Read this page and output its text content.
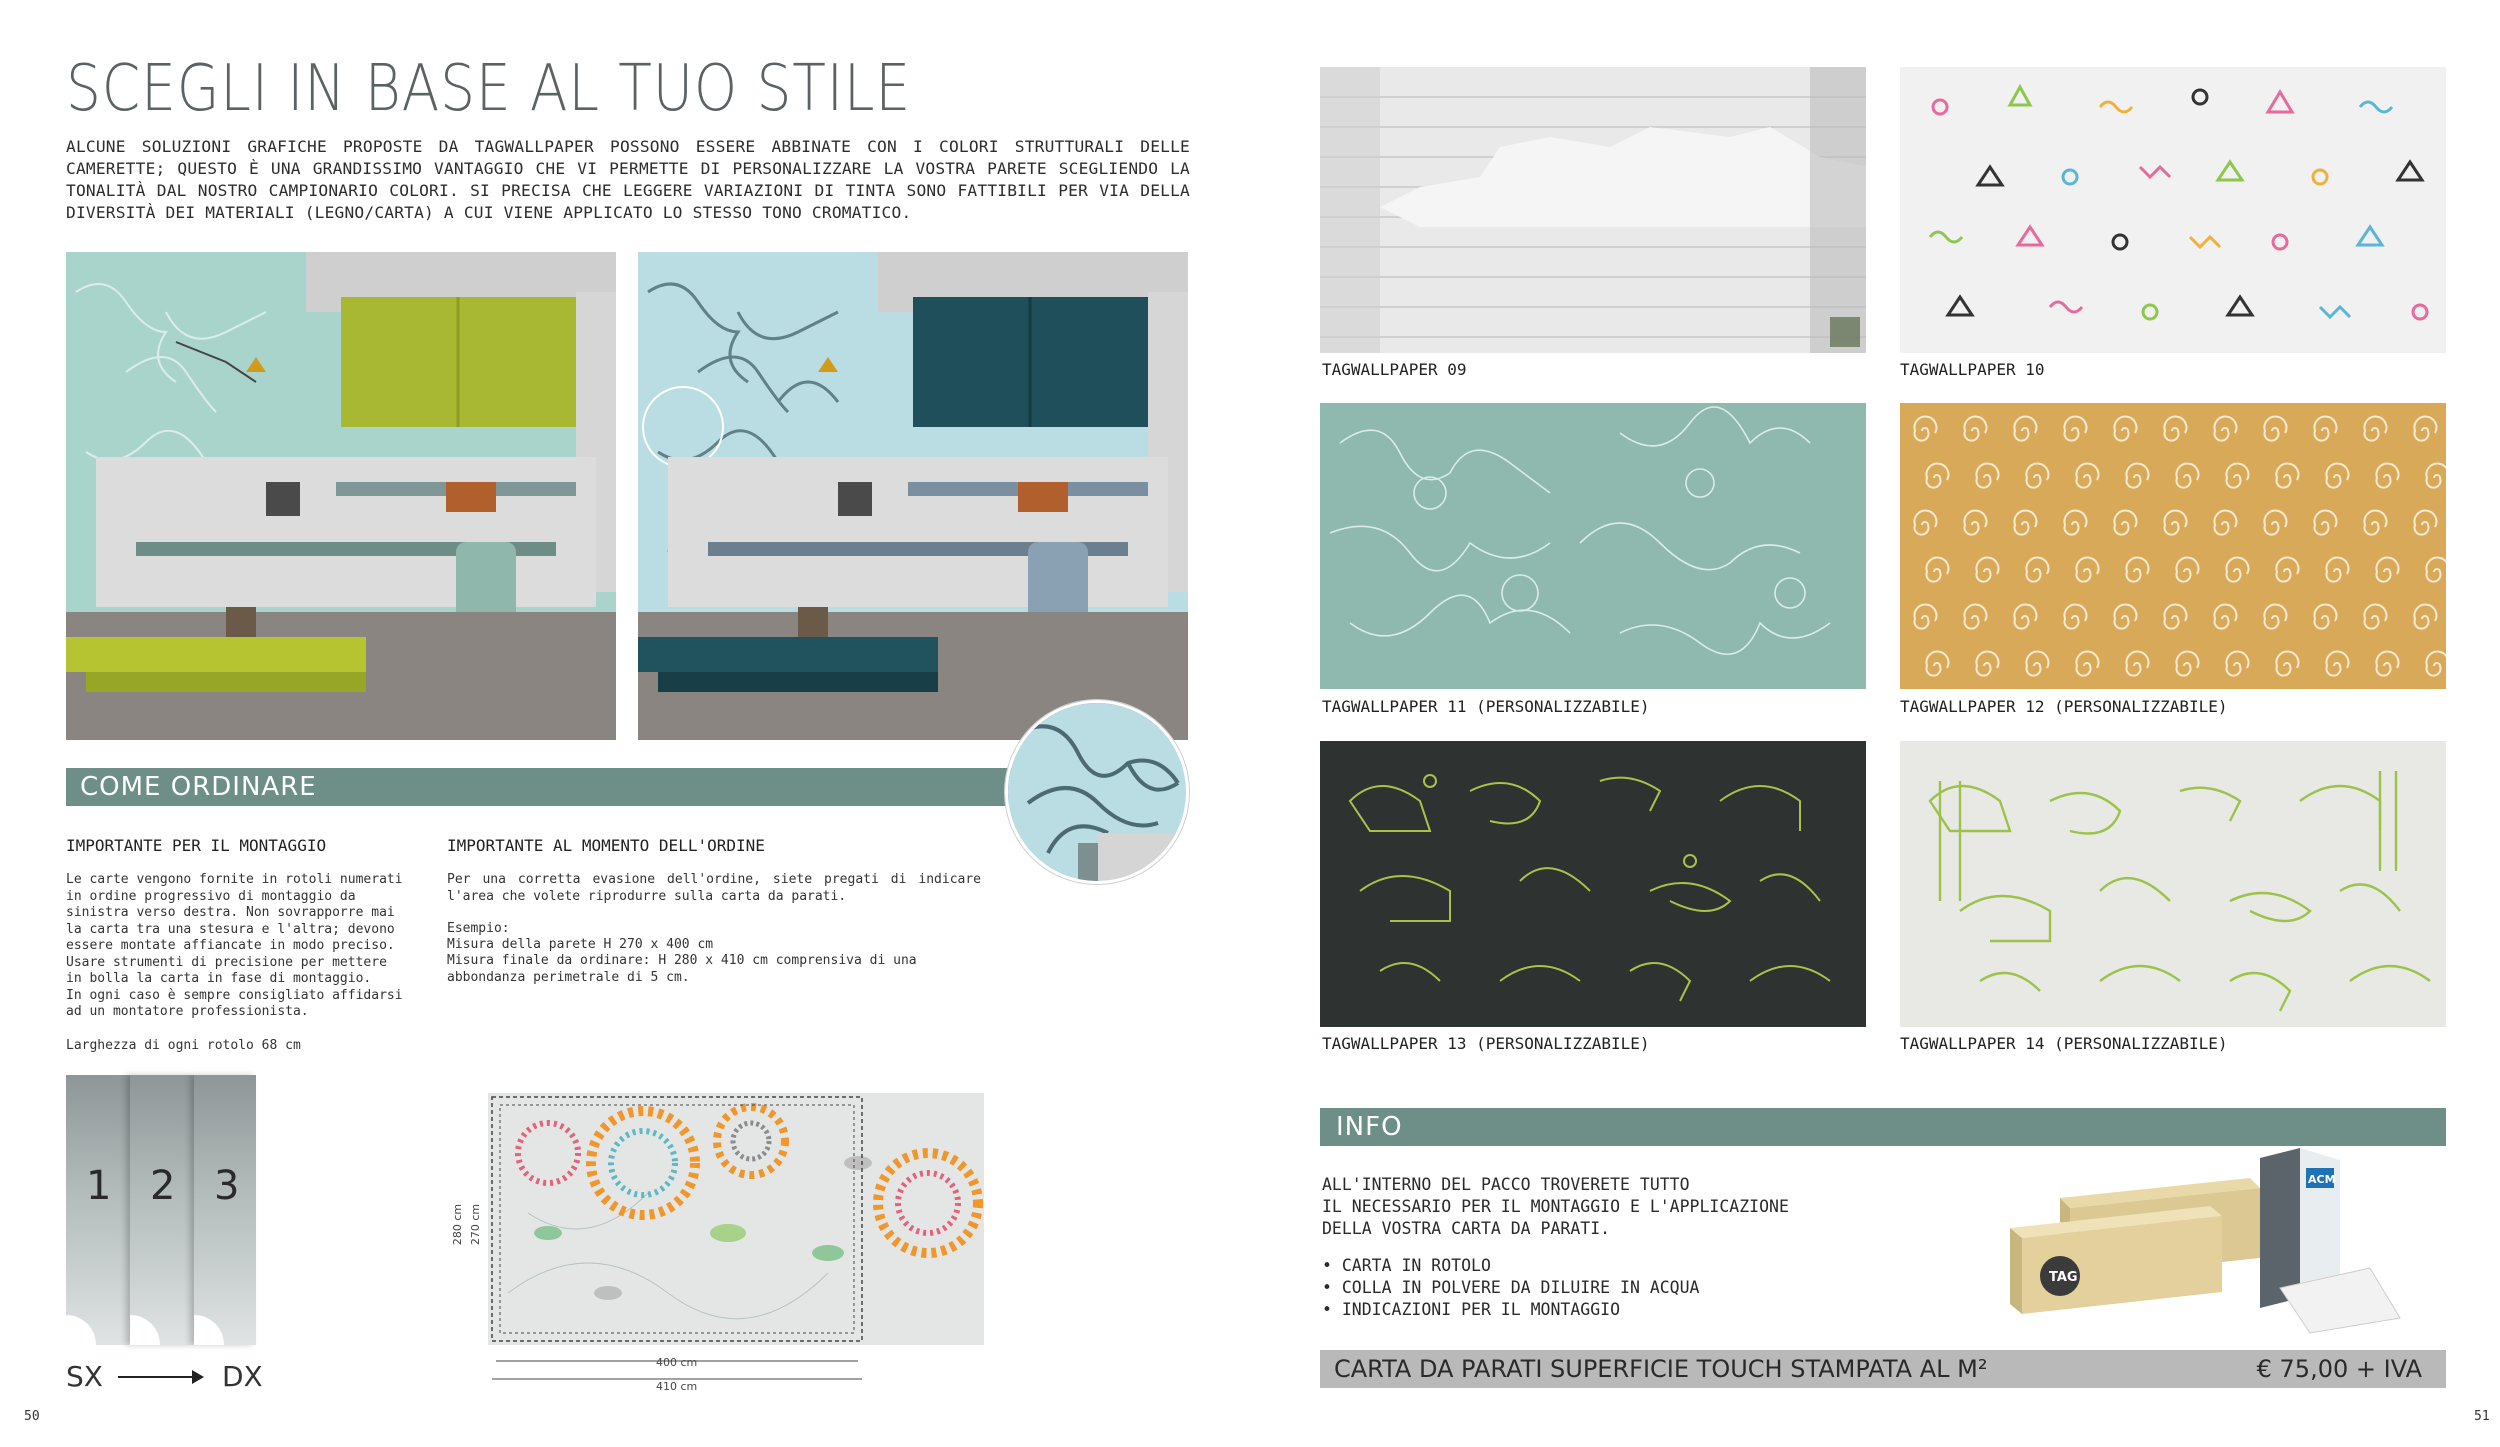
SCEGLI IN BASE AL TUO STILE
ALCUNE SOLUZIONI GRAFICHE PROPOSTE DA TAGWALLPAPER POSSONO ESSERE ABBINATE CON I COLORI STRUTTURALI DELLE CAMERETTE; QUESTO È UNA GRANDISSIMO VANTAGGIO CHE VI PERMETTE DI PERSONALIZZARE LA VOSTRA PARETE SCEGLIENDO LA TONALITÀ DAL NOSTRO CAMPIONARIO COLORI. SI PRECISA CHE LEGGERE VARIAZIONI DI TINTA SONO FATTIBILI PER VIA DELLA DIVERSITÀ DEI MATERIALI (LEGNO/CARTA) A CUI VIENE APPLICATO LO STESSO TONO CROMATICO.
COME ORDINARE
IMPORTANTE PER IL MONTAGGIO
Le carte vengono fornite in rotoli numerati in ordine progressivo di montaggio da sinistra verso destra. Non sovrapporre mai la carta tra una stesura e l'altra; devono essere montate affiancate in modo preciso. Usare strumenti di precisione per mettere in bolla la carta in fase di montaggio.
In ogni caso è sempre consigliato affidarsi ad un montatore professionista.
Larghezza di ogni rotolo 68 cm
IMPORTANTE AL MOMENTO DELL'ORDINE
Per una corretta evasione dell'ordine, siete pregati di indicare l'area che volete riprodurre sulla carta da parati.
Esempio:
Misura della parete H 270 x 400 cm
Misura finale da ordinare: H 280 x 410 cm comprensiva di una abbondanza perimetrale di 5 cm.
1 2 3
SX	DX
280 cm 270 cm
400 cm
410 cm
50
TAGWALLPAPER 09	TAGWALLPAPER 10
TAGWALLPAPER 11 (PERSONALIZZABILE)	TAGWALLPAPER 12 (PERSONALIZZABILE)
TAGWALLPAPER 13 (PERSONALIZZABILE)	TAGWALLPAPER 14 (PERSONALIZZABILE)
INFO
ALL'INTERNO DEL PACCO TROVERETE TUTTO
IL NECESSARIO PER IL MONTAGGIO E L'APPLICAZIONE
DELLA VOSTRA CARTA DA PARATI.
• CARTA IN ROTOLO
• COLLA IN POLVERE DA DILUIRE IN ACQUA
• INDICAZIONI PER IL MONTAGGIO
TAG
ACM
CARTA DA PARATI SUPERFICIE TOUCH STAMPATA AL M²	€ 75,00 + IVA
51
